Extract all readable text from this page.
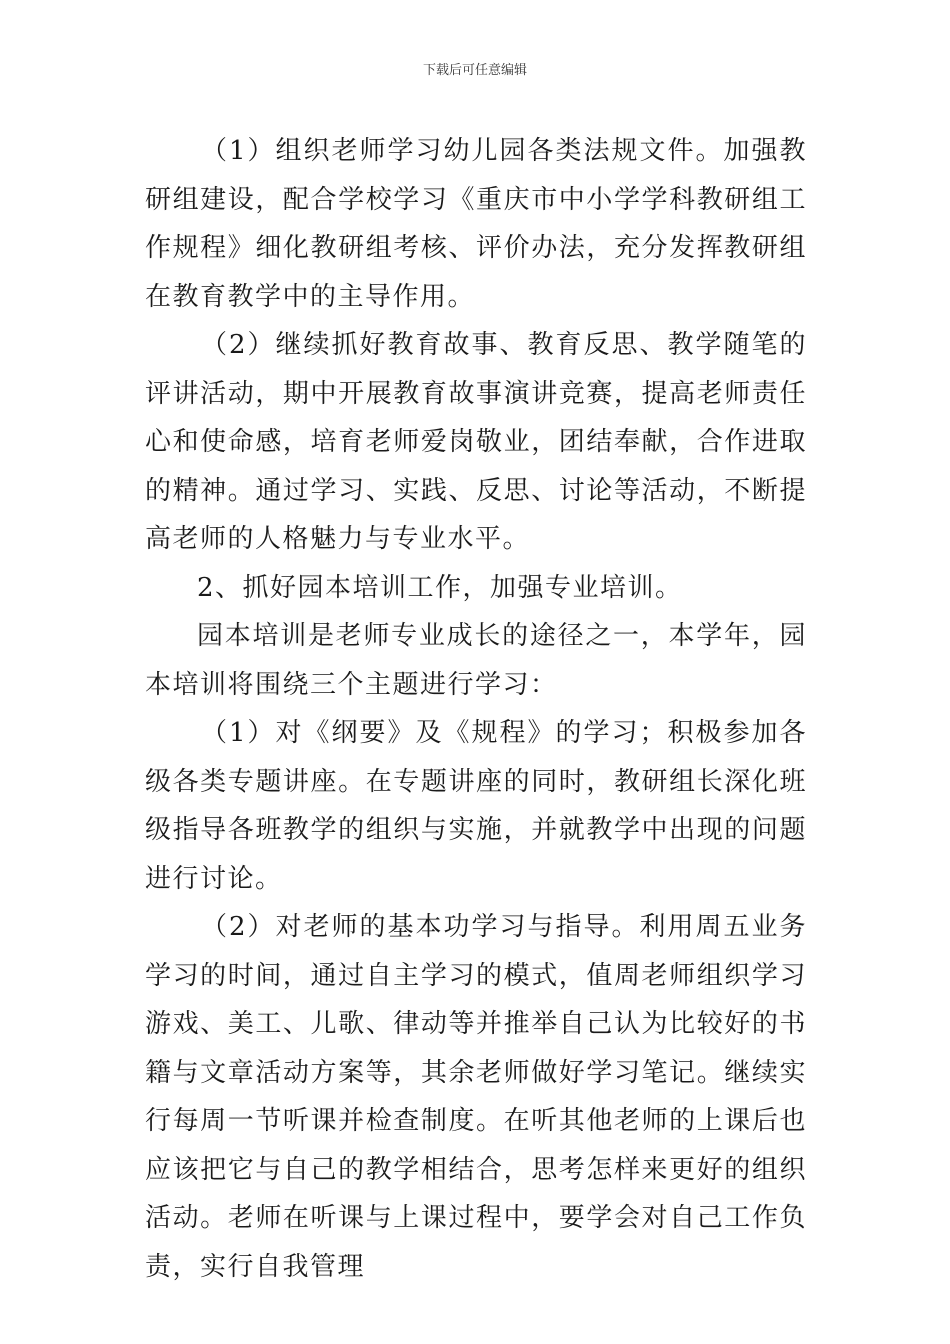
下载后可任意编辑

（1）组织老师学习幼儿园各类法规文件。加强教研组建设，配合学校学习《重庆市中小学学科教研组工作规程》细化教研组考核、评价办法，充分发挥教研组在教育教学中的主导作用。

（2）继续抓好教育故事、教育反思、教学随笔的评讲活动，期中开展教育故事演讲竞赛，提高老师责任心和使命感，培育老师爱岗敬业，团结奉献，合作进取的精神。通过学习、实践、反思、讨论等活动，不断提高老师的人格魅力与专业水平。

2、抓好园本培训工作，加强专业培训。

园本培训是老师专业成长的途径之一，本学年，园本培训将围绕三个主题进行学习：

（1）对《纲要》及《规程》的学习；积极参加各级各类专题讲座。在专题讲座的同时，教研组长深化班级指导各班教学的组织与实施，并就教学中出现的问题进行讨论。

（2）对老师的基本功学习与指导。利用周五业务学习的时间，通过自主学习的模式，值周老师组织学习游戏、美工、儿歌、律动等并推举自己认为比较好的书籍与文章活动方案等，其余老师做好学习笔记。继续实行每周一节听课并检查制度。在听其他老师的上课后也应该把它与自己的教学相结合，思考怎样来更好的组织活动。老师在听课与上课过程中，要学会对自己工作负责，实行自我管理
